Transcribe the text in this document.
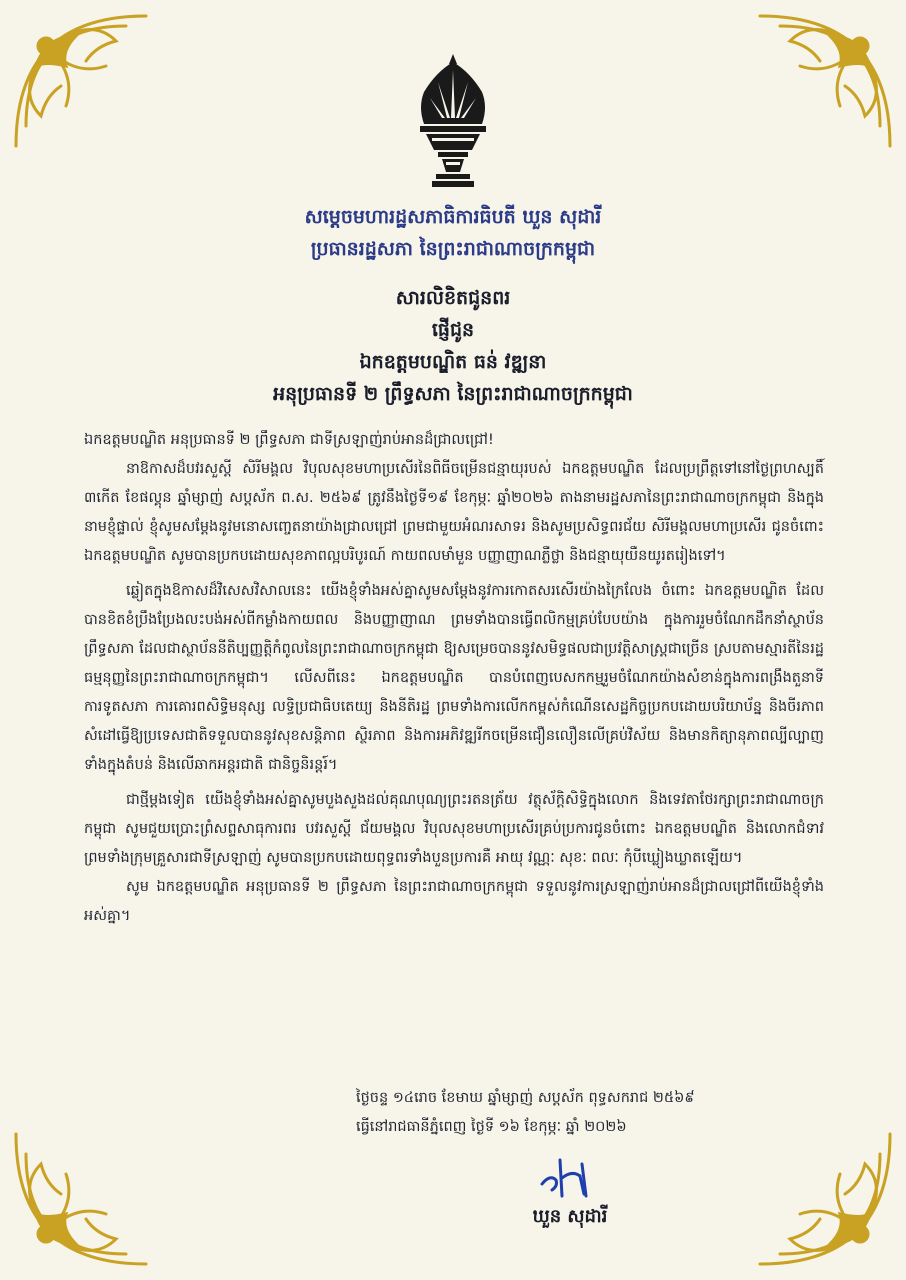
សម្ដេចមហារដ្ឋសភាធិការធិបតី ឃួន សុដារី
ប្រធានរដ្ឋសភា នៃព្រះរាជាណាចក្រកម្ពុជា
សារលិខិតជូនពរ
ផ្ញើជូន
ឯកឧត្តមបណ្ឌិត ធន់ វឌ្ឍនា
អនុប្រធានទី ២ ព្រឹទ្ធសភា នៃព្រះរាជាណាចក្រកម្ពុជា

ឯកឧត្តមបណ្ឌិត អនុប្រធានទី ២ ព្រឹទ្ធសភា ជាទីស្រឡាញ់រាប់អានដ៏ជ្រាលជ្រៅ!

នាឱកាសដ៏បវរសួស្តី សិរីមង្គល វិបុលសុខមហាប្រសើរនៃពិធីចម្រើនជន្មាយុរបស់ ឯកឧត្តមបណ្ឌិត ដែលប្រព្រឹត្តទៅនៅថ្ងៃព្រហស្បតិ៍ ៣កើត ខែផល្គុន ឆ្នាំម្សាញ់ សប្តស័ក ព.ស. ២៥៦៩ ត្រូវនឹងថ្ងៃទី១៩ ខែកុម្ភៈ ឆ្នាំ២០២៦ តាងនាមរដ្ឋសភានៃព្រះរាជាណាចក្រកម្ពុជា និងក្នុងនាមខ្ញុំផ្ទាល់ ខ្ញុំសូមសម្ដែងនូវមនោសញ្ចេតនាយ៉ាងជ្រាលជ្រៅ ព្រមជាមួយអំណរសាទរ និងសូមប្រសិទ្ធពរជ័យ សិរីមង្គលមហាប្រសើរ ជូនចំពោះ ឯកឧត្តមបណ្ឌិត សូមបានប្រកបដោយសុខភាពល្អបរិបូរណ៍ កាយពលមាំមួន បញ្ញាញាណភ្លឺថ្លា និងជន្មាយុយឺនយូរតរៀងទៅ។

ឆ្លៀតក្នុងឱកាសដ៏វិសេសវិសាលនេះ យើងខ្ញុំទាំងអស់គ្នាសូមសម្ដែងនូវការកោតសរសើរយ៉ាងក្រៃលែង ចំពោះ ឯកឧត្តមបណ្ឌិត ដែលបានខិតខំប្រឹងប្រែងលះបង់អស់ពីកម្លាំងកាយពល និងបញ្ញាញាណ ព្រមទាំងបានធ្វើពលិកម្មគ្រប់បែបយ៉ាង ក្នុងការរួមចំណែកដឹកនាំស្ថាប័នព្រឹទ្ធសភា ដែលជាស្ថាប័ននីតិប្បញ្ញត្តិកំពូលនៃព្រះរាជាណាចក្រកម្ពុជា ឱ្យសម្រេចបាននូវសមិទ្ធផលជាប្រវត្តិសាស្ត្រជាច្រើន ស្របតាមស្មារតីនៃរដ្ឋធម្មនុញ្ញនៃព្រះរាជាណាចក្រកម្ពុជា។ លើសពីនេះ ឯកឧត្តមបណ្ឌិត បានបំពេញបេសកកម្មរួមចំណែកយ៉ាងសំខាន់ក្នុងការពង្រឹងតួនាទីការទូតសភា ការគោរពសិទ្ធិមនុស្ស លទ្ធិប្រជាធិបតេយ្យ និងនីតិរដ្ឋ ព្រមទាំងការលើកកម្ពស់កំណើនសេដ្ឋកិច្ចប្រកបដោយបរិយាប័ន្ន និងចីរភាព សំដៅធ្វើឱ្យប្រទេសជាតិទទួលបាននូវសុខសន្តិភាព ស្ថិរភាព និងការអភិវឌ្ឍរីកចម្រើនជឿនលឿនលើគ្រប់វិស័យ និងមានកិត្យានុភាពល្បីល្បាញទាំងក្នុងតំបន់ និងលើឆាកអន្តរជាតិ ជានិច្ចនិរន្តរ៍។

ជាថ្មីម្ដងទៀត យើងខ្ញុំទាំងអស់គ្នាសូមបួងសួងដល់គុណបុណ្យព្រះរតនត្រ័យ វត្ថុស័ក្តិសិទ្ធិក្នុងលោក និងទេវតាថែរក្សាព្រះរាជាណាចក្រកម្ពុជា សូមជួយប្រោះព្រំសព្ទសាធុការពរ បវរសួស្តី ជ័យមង្គល វិបុលសុខមហាប្រសើរគ្រប់ប្រការជូនចំពោះ ឯកឧត្តមបណ្ឌិត និងលោកជំទាវ ព្រមទាំងក្រុមគ្រួសារជាទីស្រឡាញ់ សូមបានប្រកបដោយពុទ្ធពរទាំងបួនប្រការគឺ អាយុ វណ្ណៈ សុខៈ ពលៈ កុំបីឃ្លៀងឃ្លាតឡើយ។

សូម ឯកឧត្តមបណ្ឌិត អនុប្រធានទី ២ ព្រឹទ្ធសភា នៃព្រះរាជាណាចក្រកម្ពុជា ទទួលនូវការស្រឡាញ់រាប់អានដ៏ជ្រាលជ្រៅពីយើងខ្ញុំទាំងអស់គ្នា។

ថ្ងៃចន្ទ ១៤រោច ខែមាឃ ឆ្នាំម្សាញ់ សប្តស័ក ពុទ្ធសករាជ ២៥៦៩
ធ្វើនៅរាជធានីភ្នំពេញ ថ្ងៃទី ១៦ ខែកុម្ភៈ ឆ្នាំ ២០២៦
ឃួន សុដារី
